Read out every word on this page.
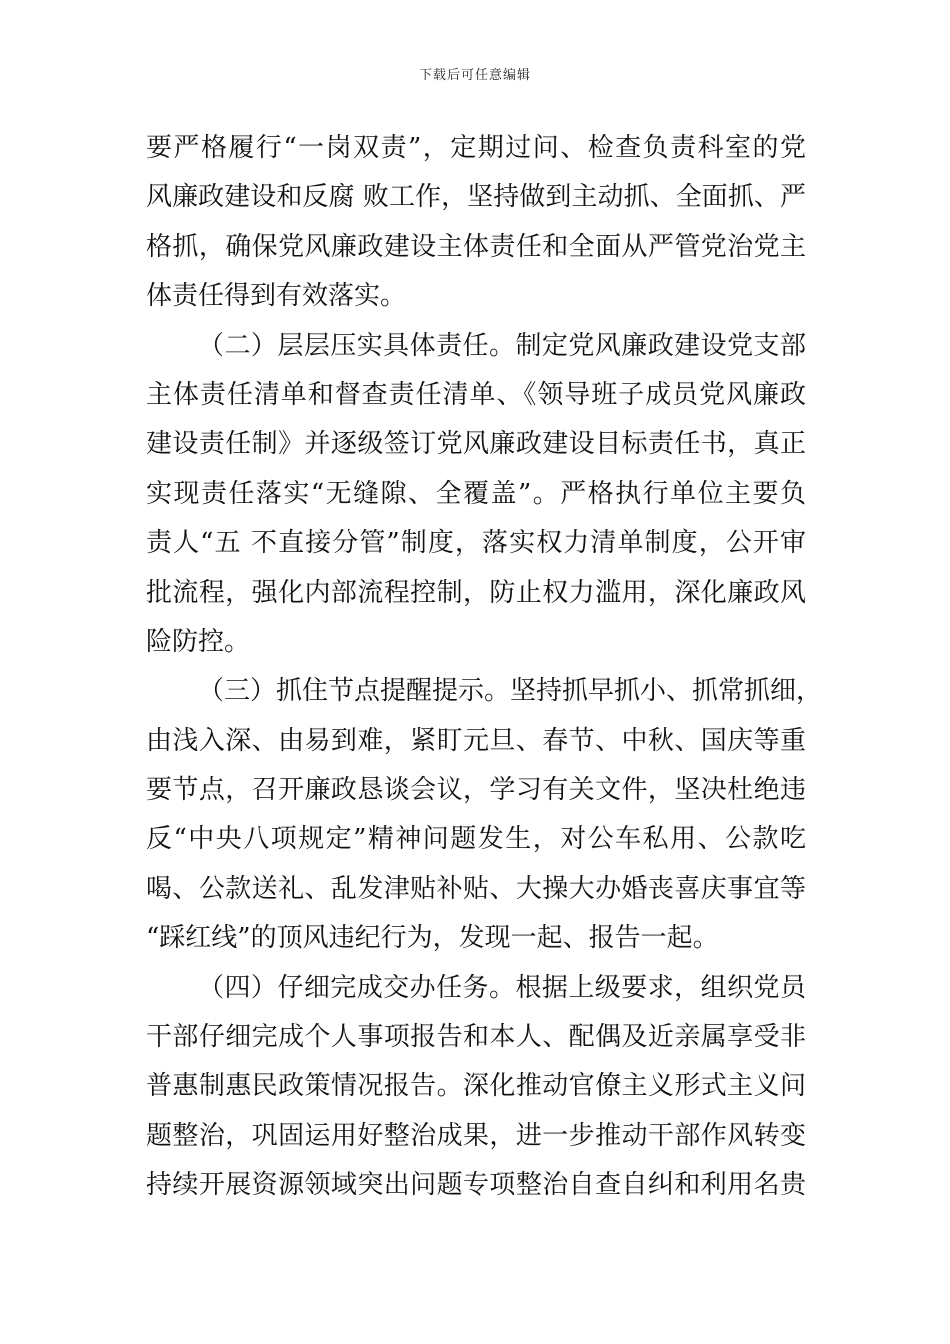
下载后可任意编辑
要严格履行“一岗双责”，定期过问、检查负责科室的党
风廉政建设和反腐 败工作，坚持做到主动抓、全面抓、严
格抓，确保党风廉政建设主体责任和全面从严管党治党主
体责任得到有效落实。
（二）层层压实具体责任。制定党风廉政建设党支部
主体责任清单和督查责任清单、《领导班子成员党风廉政
建设责任制》并逐级签订党风廉政建设目标责任书，真正
实现责任落实“无缝隙、全覆盖”。严格执行单位主要负
责人“五 不直接分管”制度，落实权力清单制度，公开审
批流程，强化内部流程控制，防止权力滥用，深化廉政风
险防控。
（三）抓住节点提醒提示。坚持抓早抓小、抓常抓细，
由浅入深、由易到难，紧盯元旦、春节、中秋、国庆等重
要节点，召开廉政恳谈会议，学习有关文件，坚决杜绝违
反“中央八项规定”精神问题发生，对公车私用、公款吃
喝、公款送礼、乱发津贴补贴、大操大办婚丧喜庆事宜等
“踩红线”的顶风违纪行为，发现一起、报告一起。
（四）仔细完成交办任务。根据上级要求，组织党员
干部仔细完成个人事项报告和本人、配偶及近亲属享受非
普惠制惠民政策情况报告。深化推动官僚主义形式主义问
题整治，巩固运用好整治成果，进一步推动干部作风转变
持续开展资源领域突出问题专项整治自查自纠和利用名贵
